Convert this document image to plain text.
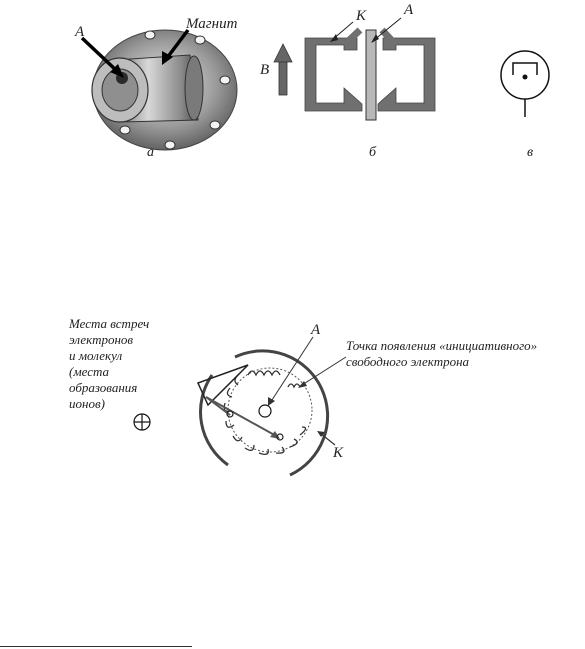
А	Магнит
а
К	А
B
б	в
Места встреч
электронов
и молекул
(места
образования
ионов)
Точка появления «инициативного»
свободного электрона
А
К
